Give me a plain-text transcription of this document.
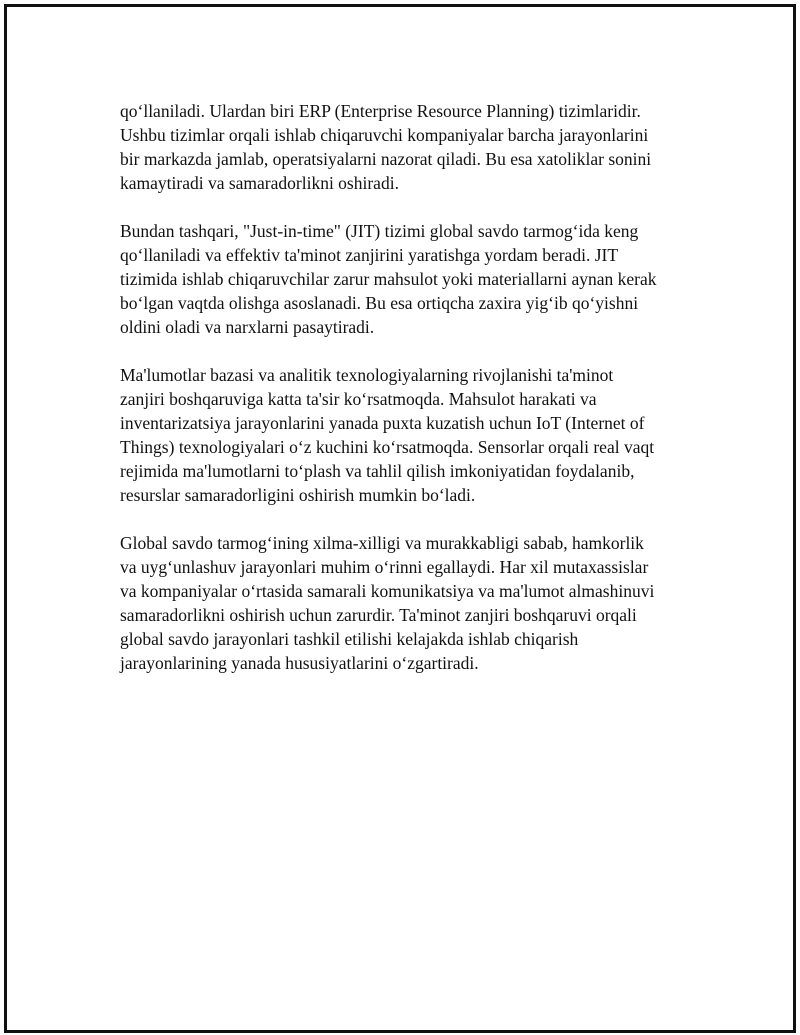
qo‘llaniladi. Ulardan biri ERP (Enterprise Resource Planning) tizimlaridir.
Ushbu tizimlar orqali ishlab chiqaruvchi kompaniyalar barcha jarayonlarini
bir markazda jamlab, operatsiyalarni nazorat qiladi. Bu esa xatoliklar sonini
kamaytiradi va samaradorlikni oshiradi.

Bundan tashqari, "Just-in-time" (JIT) tizimi global savdo tarmog‘ida keng
qo‘llaniladi va effektiv ta'minot zanjirini yaratishga yordam beradi. JIT
tizimida ishlab chiqaruvchilar zarur mahsulot yoki materiallarni aynan kerak
bo‘lgan vaqtda olishga asoslanadi. Bu esa ortiqcha zaxira yig‘ib qo‘yishni
oldini oladi va narxlarni pasaytiradi.

Ma'lumotlar bazasi va analitik texnologiyalarning rivojlanishi ta'minot
zanjiri boshqaruviga katta ta'sir ko‘rsatmoqda. Mahsulot harakati va
inventarizatsiya jarayonlarini yanada puxta kuzatish uchun IoT (Internet of
Things) texnologiyalari o‘z kuchini ko‘rsatmoqda. Sensorlar orqali real vaqt
rejimida ma'lumotlarni to‘plash va tahlil qilish imkoniyatidan foydalanib,
resurslar samaradorligini oshirish mumkin bo‘ladi.

Global savdo tarmog‘ining xilma-xilligi va murakkabligi sabab, hamkorlik
va uyg‘unlashuv jarayonlari muhim o‘rinni egallaydi. Har xil mutaxassislar
va kompaniyalar o‘rtasida samarali komunikatsiya va ma'lumot almashinuvi
samaradorlikni oshirish uchun zarurdir. Ta'minot zanjiri boshqaruvi orqali
global savdo jarayonlari tashkil etilishi kelajakda ishlab chiqarish
jarayonlarining yanada hususiyatlarini o‘zgartiradi.
